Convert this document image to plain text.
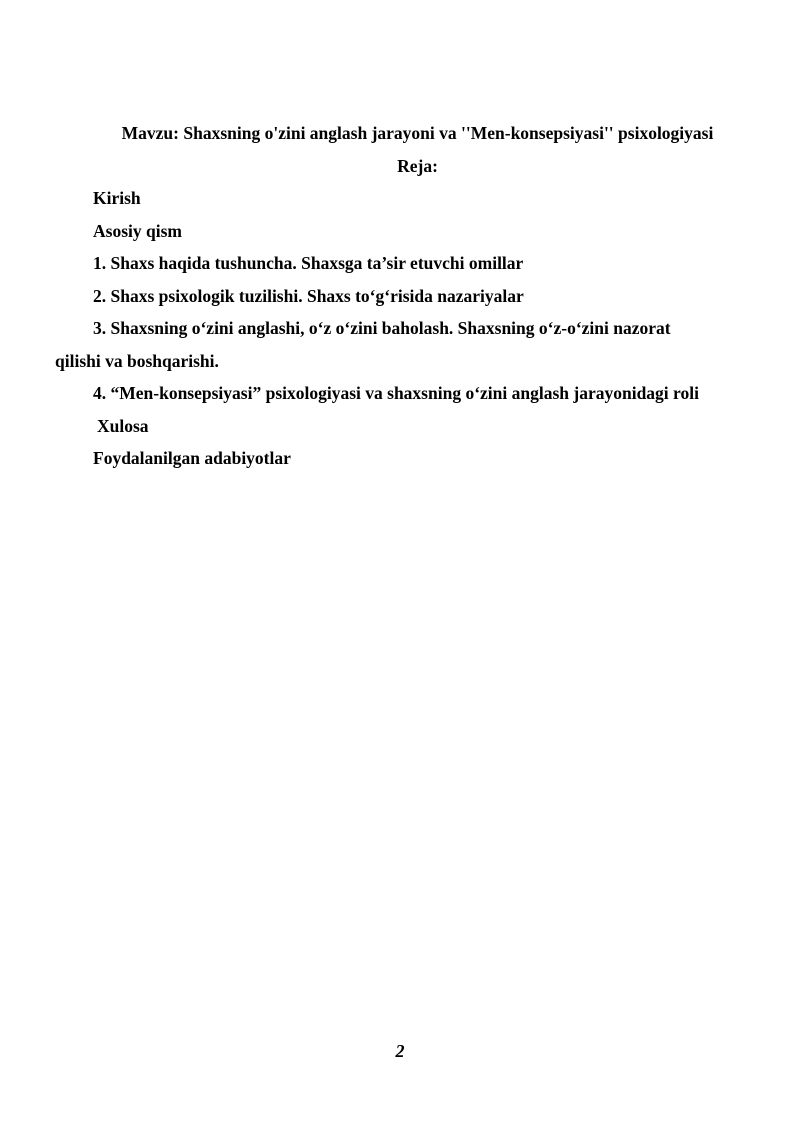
Mavzu: Shaxsning o'zini anglash jarayoni va ''Men-konsepsiyasi'' psixologiyasi
Reja:
Kirish
Asosiy qism
1. Shaxs haqida tushuncha. Shaxsga ta’sir etuvchi omillar
2. Shaxs psixologik tuzilishi. Shaxs to‘g‘risida nazariyalar
3. Shaxsning o‘zini anglashi, o‘z o‘zini baholash. Shaxsning o‘z-o‘zini nazorat qilishi va boshqarishi.
4. “Men-konsepsiyasi” psixologiyasi va shaxsning o‘zini anglash jarayonidagi roli
Xulosa
Foydalanilgan adabiyotlar
2
